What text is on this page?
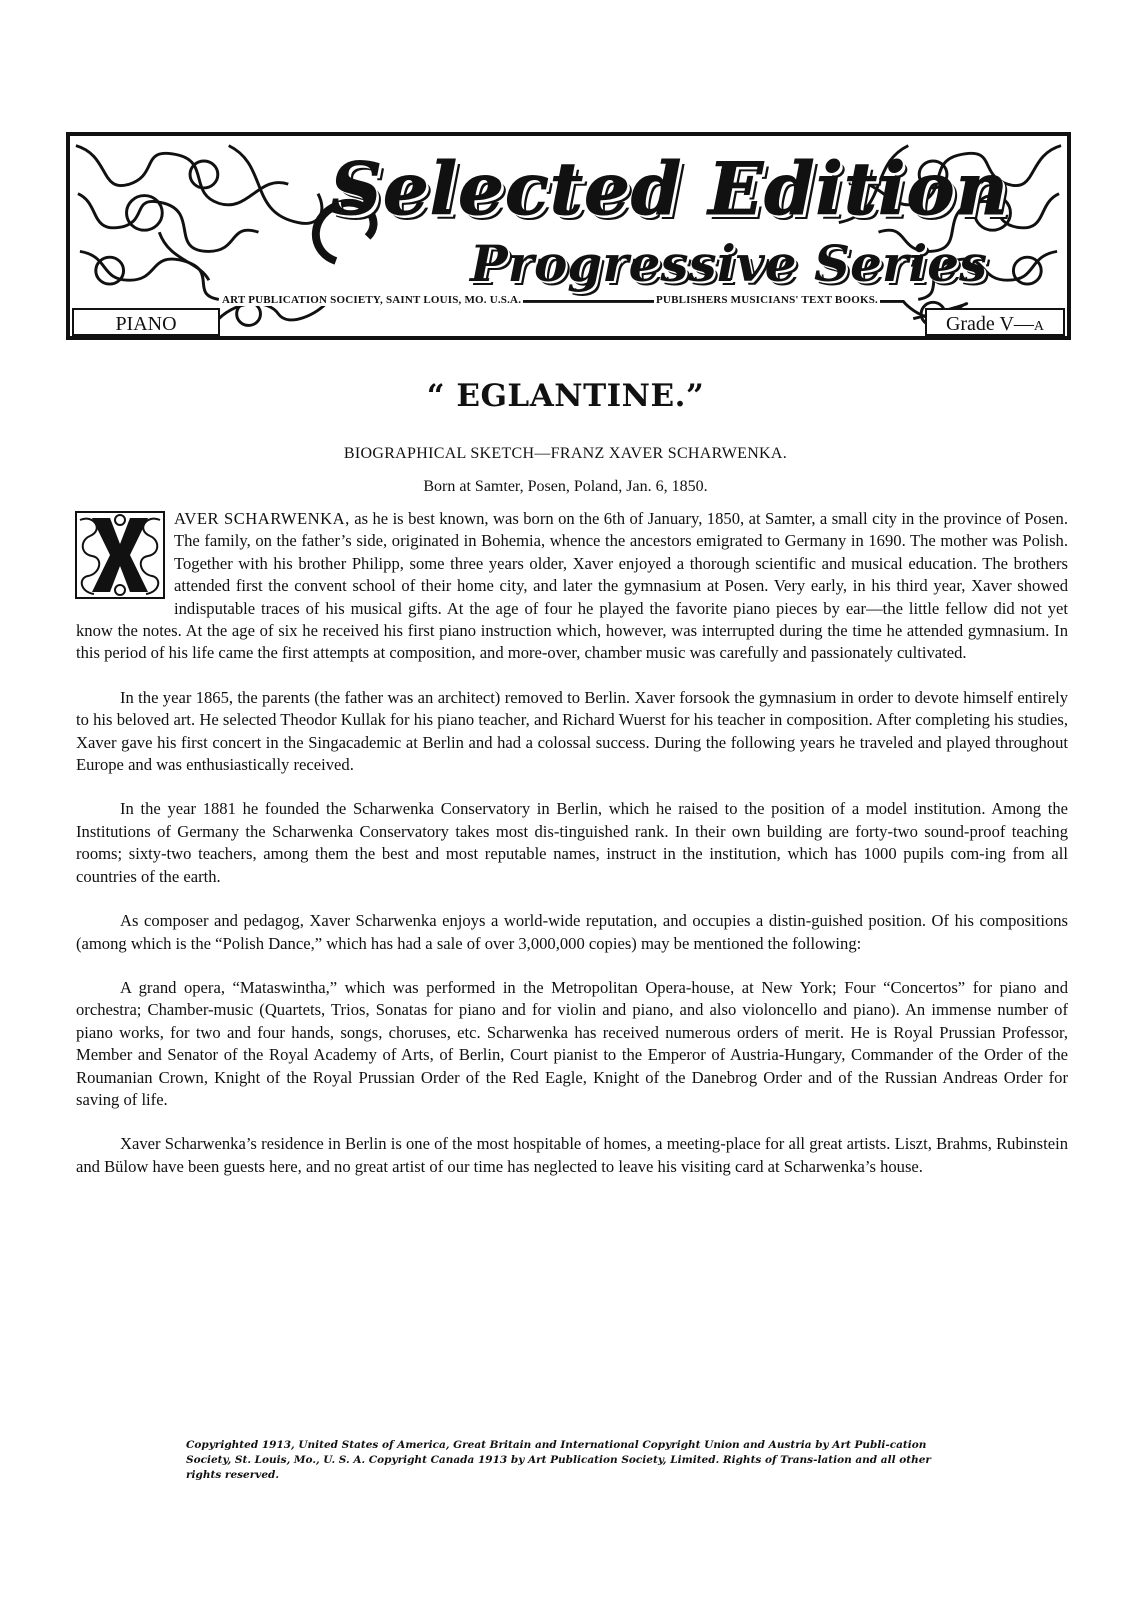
Selected Edition
Progressive Series
ART PUBLICATION SOCIETY, SAINT LOUIS, MO. U.S.A.	PUBLISHERS MUSICIANS' TEXT BOOKS.
PIANO	Grade V—A
“ EGLANTINE.”
BIOGRAPHICAL SKETCH—FRANZ XAVER SCHARWENKA.
Born at Samter, Posen, Poland, Jan. 6, 1850.

AVER SCHARWENKA, as he is best known, was born on the 6th of January, 1850, at Samter, a small city in the province of Posen. The family, on the father’s side, originated in Bohemia, whence the ancestors emigrated to Germany in 1690. The mother was Polish. Together with his brother Philipp, some three years older, Xaver enjoyed a thorough scientific and musical education. The brothers attended first the convent school of their home city, and later the gymnasium at Posen. Very early, in his third year, Xaver showed indisputable traces of his musical gifts. At the age of four he played the favorite piano pieces by ear—the little fellow did not yet know the notes. At the age of six he received his first piano instruction which, however, was interrupted during the time he attended gymnasium. In this period of his life came the first attempts at composition, and more-over, chamber music was carefully and passionately cultivated.

In the year 1865, the parents (the father was an architect) removed to Berlin. Xaver forsook the gymnasium in order to devote himself entirely to his beloved art. He selected Theodor Kullak for his piano teacher, and Richard Wuerst for his teacher in composition. After completing his studies, Xaver gave his first concert in the Singacademic at Berlin and had a colossal success. During the following years he traveled and played throughout Europe and was enthusiastically received.

In the year 1881 he founded the Scharwenka Conservatory in Berlin, which he raised to the position of a model institution. Among the Institutions of Germany the Scharwenka Conservatory takes most dis-tinguished rank. In their own building are forty-two sound-proof teaching rooms; sixty-two teachers, among them the best and most reputable names, instruct in the institution, which has 1000 pupils com-ing from all countries of the earth.

As composer and pedagog, Xaver Scharwenka enjoys a world-wide reputation, and occupies a distin-guished position. Of his compositions (among which is the “Polish Dance,” which has had a sale of over 3,000,000 copies) may be mentioned the following:

A grand opera, “Mataswintha,” which was performed in the Metropolitan Opera-house, at New York; Four “Concertos” for piano and orchestra; Chamber-music (Quartets, Trios, Sonatas for piano and for violin and piano, and also violoncello and piano). An immense number of piano works, for two and four hands, songs, choruses, etc. Scharwenka has received numerous orders of merit. He is Royal Prussian Professor, Member and Senator of the Royal Academy of Arts, of Berlin, Court pianist to the Emperor of Austria-Hungary, Commander of the Order of the Roumanian Crown, Knight of the Royal Prussian Order of the Red Eagle, Knight of the Danebrog Order and of the Russian Andreas Order for saving of life.

Xaver Scharwenka’s residence in Berlin is one of the most hospitable of homes, a meeting-place for all great artists. Liszt, Brahms, Rubinstein and Bülow have been guests here, and no great artist of our time has neglected to leave his visiting card at Scharwenka’s house.

Copyrighted 1913, United States of America, Great Britain and International Copyright Union and Austria by Art Publi-cation Society, St. Louis, Mo., U. S. A. Copyright Canada 1913 by Art Publication Society, Limited. Rights of Trans-lation and all other rights reserved.
